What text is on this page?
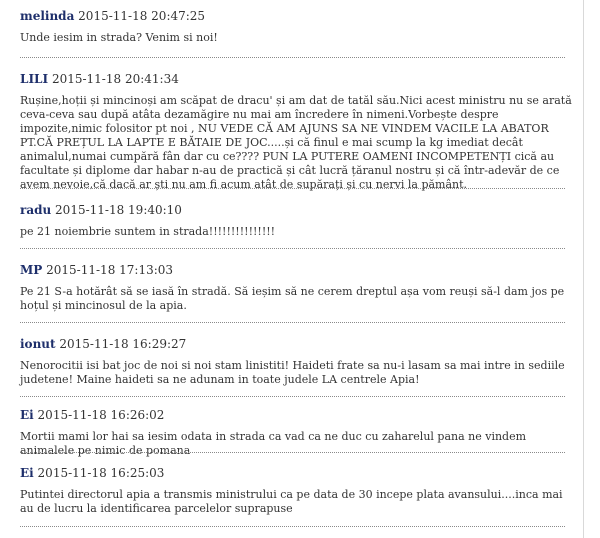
melinda 2015-11-18 20:47:25
Unde iesim in strada? Venim si noi!
LILI 2015-11-18 20:41:34
Rușine,hoții și mincinoși am scăpat de dracu' și am dat de tatăl său.Nici acest ministru nu se arată ceva-ceva sau după atâta dezamăgire nu mai am încredere în nimeni.Vorbește despre impozite,nimic folositor pt noi , NU VEDE CĂ AM AJUNS SA NE VINDEM VACILE LA ABATOR PT.CĂ PREȚUL LA LAPTE E BĂTAIE DE JOC.....și că finul e mai scump la kg imediat decât animalul,numai cumpără fân dar cu ce???? PUN LA PUTERE OAMENI INCOMPETENȚI cică au facultate și diplome dar habar n-au de practică și cât lucră țăranul nostru și că într-adevăr de ce avem nevoie,că dacă ar ști nu am fi acum atât de supărați și cu nervi la pământ.
radu 2015-11-18 19:40:10
pe 21 noiembrie suntem in strada!!!!!!!!!!!!!!!
MP 2015-11-18 17:13:03
Pe 21 S-a hotărât să se iasă în stradă. Să ieșim să ne cerem dreptul așa vom reuși să-l dam jos pe hoțul și mincinosul de la apia.
ionut 2015-11-18 16:29:27
Nenorocitii isi bat joc de noi si noi stam linistiti! Haideti frate sa nu-i lasam sa mai intre in sediile judetene! Maine haideti sa ne adunam in toate judele LA centrele Apia!
Ei 2015-11-18 16:26:02
Mortii mami lor hai sa iesim odata in strada ca vad ca ne duc cu zaharelul pana ne vindem animalele pe nimic de pomana
Ei 2015-11-18 16:25:03
Putintei directorul apia a transmis ministrului ca pe data de 30 incepe plata avansului....inca mai au de lucru la identificarea parcelelor suprapuse
